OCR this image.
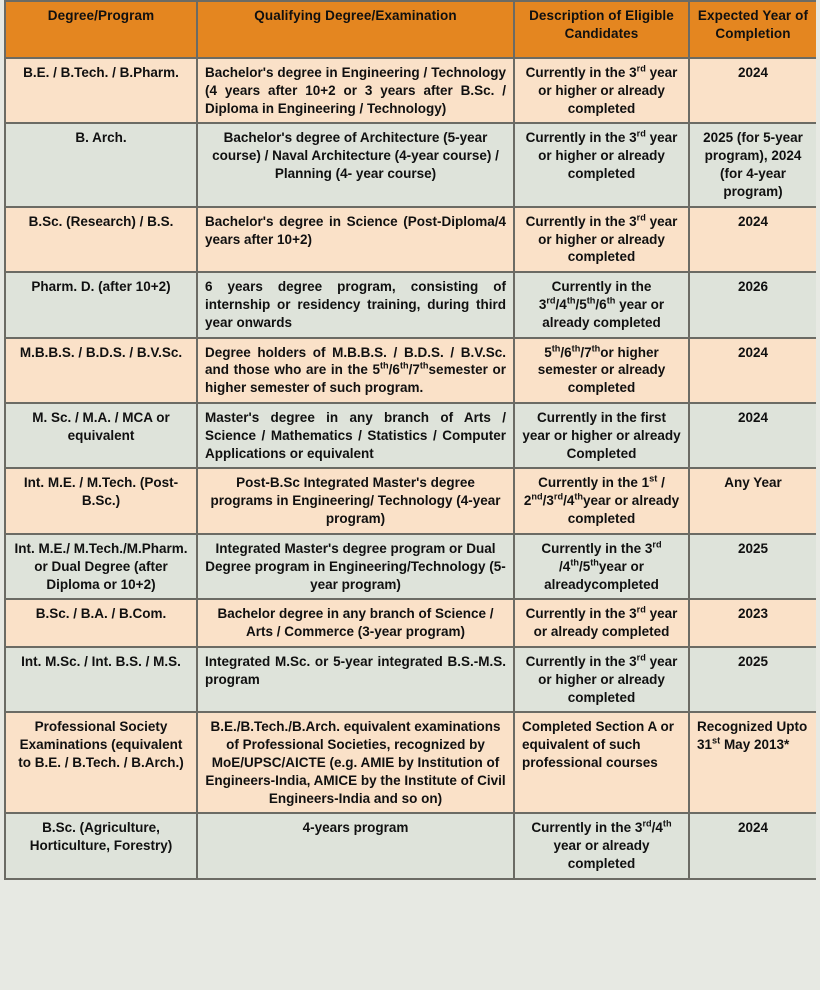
Degree/Program	Qualifying Degree/Examination	Description of Eligible Candidates	Expected Year of Completion
B.E. / B.Tech. / B.Pharm.	Bachelor's degree in Engineering / Technology (4 years after 10+2 or 3 years after B.Sc. / Diploma in Engineering / Technology)	Currently in the 3rd year or higher or already completed	2024
B. Arch.	Bachelor's degree of Architecture (5-year course) / Naval Architecture (4-year course) / Planning (4- year course)	Currently in the 3rd year or higher or already completed	2025 (for 5-year program), 2024 (for 4-year program)
B.Sc. (Research) / B.S.	Bachelor's degree in Science (Post-Diploma/4 years after 10+2)	Currently in the 3rd year or higher or already completed	2024
Pharm. D. (after 10+2)	6 years degree program, consisting of internship or residency training, during third year onwards	Currently in the 3rd/4th/5th/6th year or already completed	2026
M.B.B.S. / B.D.S. / B.V.Sc.	Degree holders of M.B.B.S. / B.D.S. / B.V.Sc. and those who are in the 5th/6th/7thsemester or higher semester of such program.	5th/6th/7thor higher semester or already completed	2024
M. Sc. / M.A. / MCA or equivalent	Master's degree in any branch of Arts / Science / Mathematics / Statistics / Computer Applications or equivalent	Currently in the first year or higher or already Completed	2024
Int. M.E. / M.Tech. (Post-B.Sc.)	Post-B.Sc Integrated Master's degree programs in Engineering/ Technology (4-year program)	Currently in the 1st / 2nd/3rd/4thyear or already completed	Any Year
Int. M.E./ M.Tech./M.Pharm. or Dual Degree (after Diploma or 10+2)	Integrated Master's degree program or Dual Degree program in Engineering/Technology (5-year program)	Currently in the 3rd /4th/5thyear or alreadycompleted	2025
B.Sc. / B.A. / B.Com.	Bachelor degree in any branch of Science / Arts / Commerce (3-year program)	Currently in the 3rd year or already completed	2023
Int. M.Sc. / Int. B.S. / M.S.	Integrated M.Sc. or 5-year integrated B.S.-M.S. program	Currently in the 3rd year or higher or already completed	2025
Professional Society Examinations (equivalent to B.E. / B.Tech. / B.Arch.)	B.E./B.Tech./B.Arch. equivalent examinations of Professional Societies, recognized by MoE/UPSC/AICTE (e.g. AMIE by Institution of Engineers-India, AMICE by the Institute of Civil Engineers-India and so on)	Completed Section A or equivalent of such professional courses	Recognized Upto 31st May 2013*
B.Sc. (Agriculture, Horticulture, Forestry)	4-years program	Currently in the 3rd/4th year or already completed	2024
